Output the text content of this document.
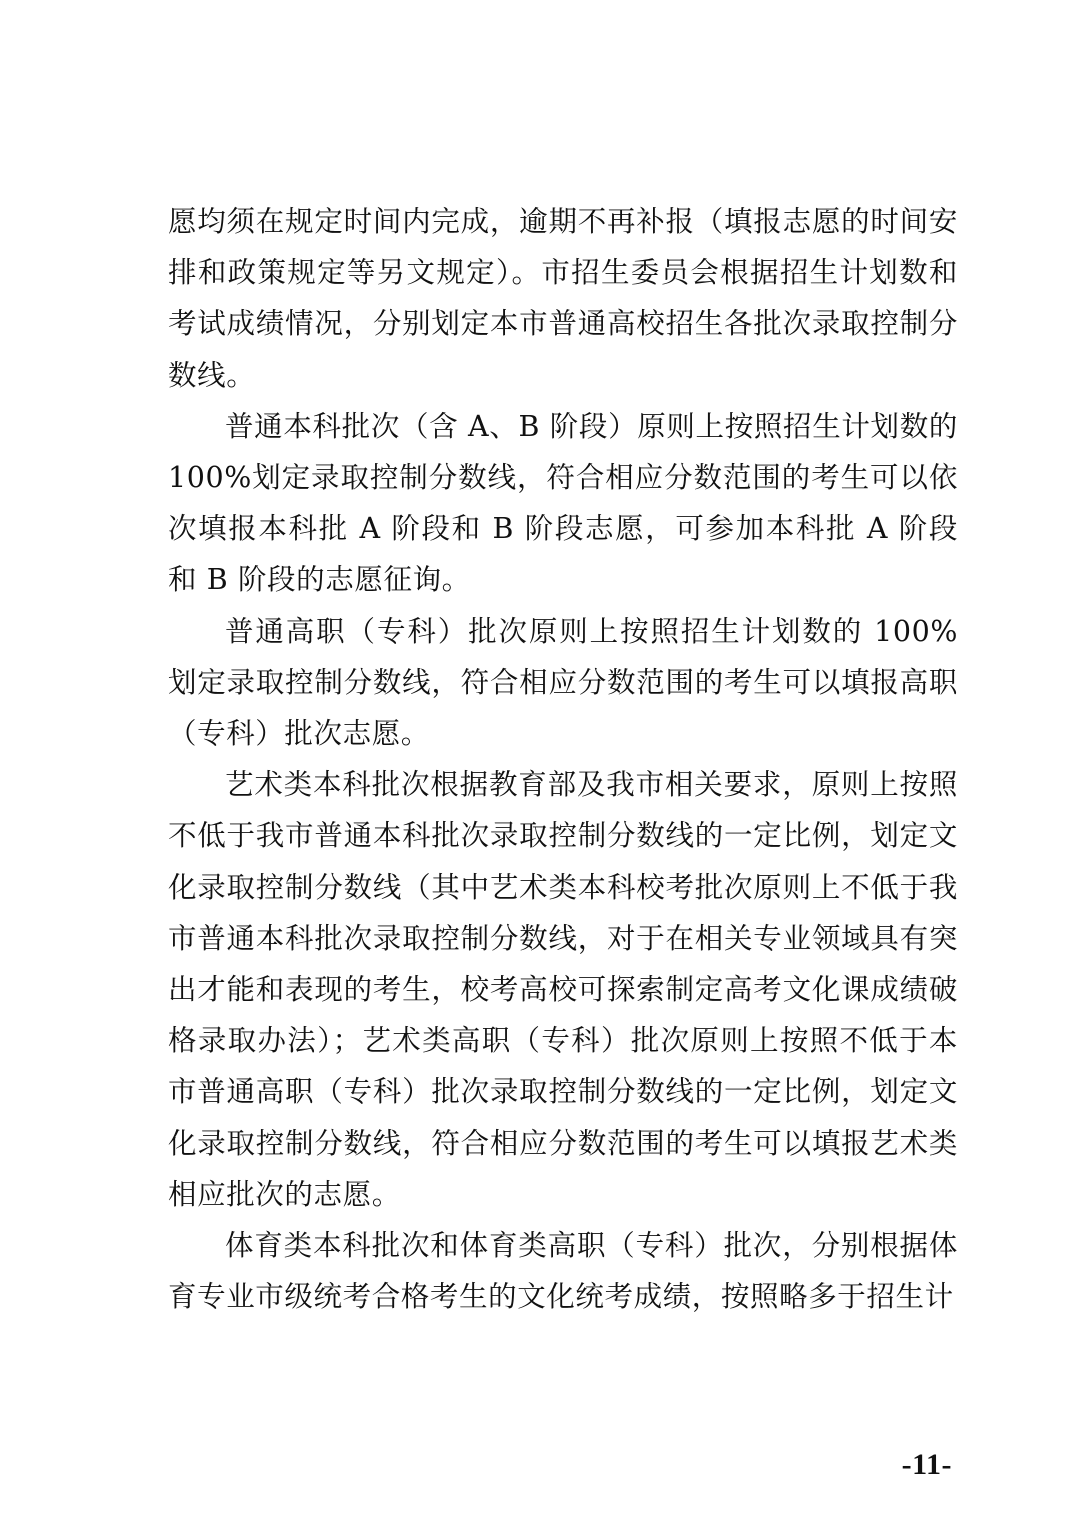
愿均须在规定时间内完成，逾期不再补报（填报志愿的时间安排和政策规定等另文规定）。市招生委员会根据招生计划数和考试成绩情况，分别划定本市普通高校招生各批次录取控制分数线。

普通本科批次（含 A、B 阶段）原则上按照招生计划数的100%划定录取控制分数线，符合相应分数范围的考生可以依次填报本科批 A 阶段和 B 阶段志愿，可参加本科批 A 阶段和 B 阶段的志愿征询。

普通高职（专科）批次原则上按照招生计划数的 100%划定录取控制分数线，符合相应分数范围的考生可以填报高职（专科）批次志愿。

艺术类本科批次根据教育部及我市相关要求，原则上按照不低于我市普通本科批次录取控制分数线的一定比例，划定文化录取控制分数线（其中艺术类本科校考批次原则上不低于我市普通本科批次录取控制分数线，对于在相关专业领域具有突出才能和表现的考生，校考高校可探索制定高考文化课成绩破格录取办法）；艺术类高职（专科）批次原则上按照不低于本市普通高职（专科）批次录取控制分数线的一定比例，划定文化录取控制分数线，符合相应分数范围的考生可以填报艺术类相应批次的志愿。

体育类本科批次和体育类高职（专科）批次，分别根据体育专业市级统考合格考生的文化统考成绩，按照略多于招生计

-11-
